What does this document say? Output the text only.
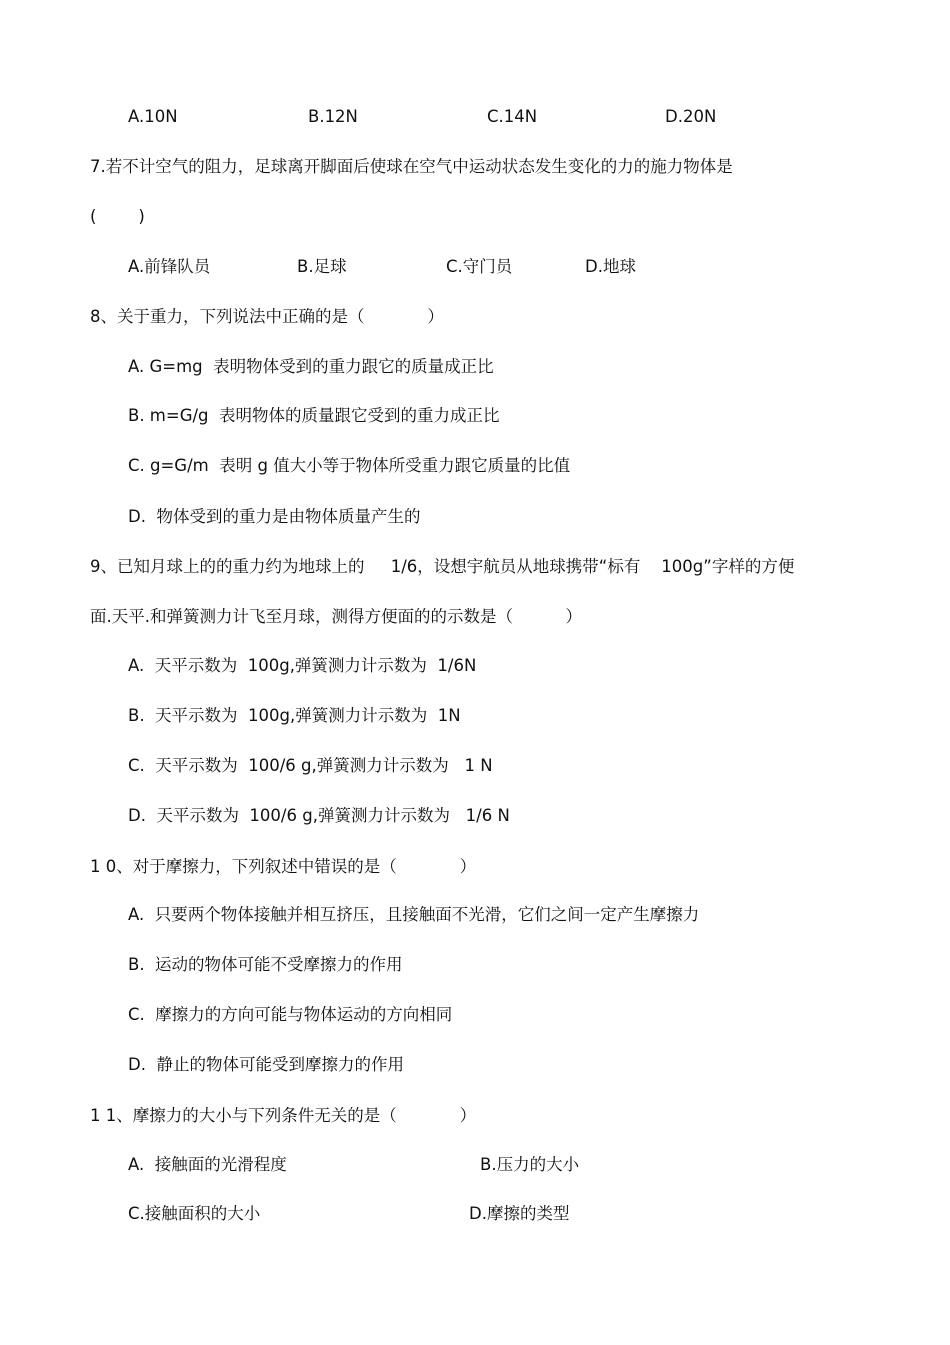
A.10N	B.12N	C.14N	D.20N
7.若不计空气的阻力，足球离开脚面后使球在空气中运动状态发生变化的力的施力物体是
(        )
A.前锋队员	B.足球	C.守门员	D.地球
8、关于重力，下列说法中正确的是（            ）
A. G=mg  表明物体受到的重力跟它的质量成正比
B. m=G/g  表明物体的质量跟它受到的重力成正比
C. g=G/m  表明 g 值大小等于物体所受重力跟它质量的比值
D.  物体受到的重力是由物体质量产生的
9、已知月球上的的重力约为地球上的     1/6，设想宇航员从地球携带“标有    100g”字样的方便
面.天平.和弹簧测力计飞至月球，测得方便面的的示数是（          ）
A.  天平示数为  100g,弹簧测力计示数为  1/6N
B.  天平示数为  100g,弹簧测力计示数为  1N
C.  天平示数为  100/6 g,弹簧测力计示数为   1 N
D.  天平示数为  100/6 g,弹簧测力计示数为   1/6 N
1 0、对于摩擦力，下列叙述中错误的是（            ）
A.  只要两个物体接触并相互挤压，且接触面不光滑，它们之间一定产生摩擦力
B.  运动的物体可能不受摩擦力的作用
C.  摩擦力的方向可能与物体运动的方向相同
D.  静止的物体可能受到摩擦力的作用
1 1、摩擦力的大小与下列条件无关的是（            ）
A.  接触面的光滑程度	B.压力的大小
C.接触面积的大小	D.摩擦的类型
